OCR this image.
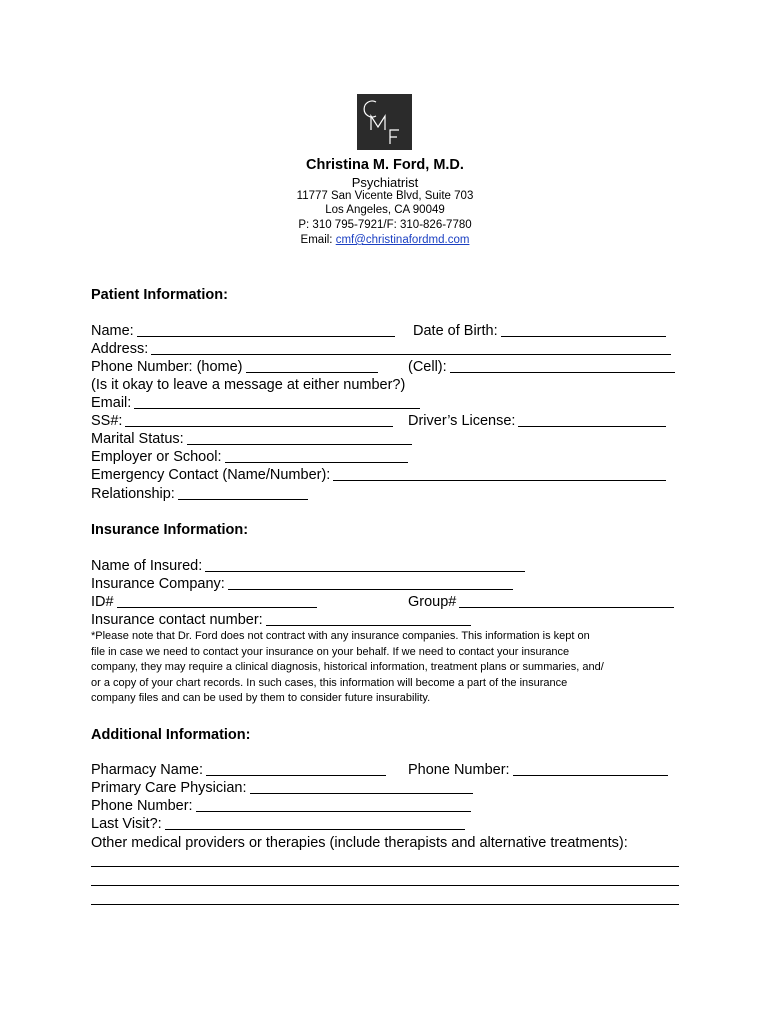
Christina M. Ford, M.D.
Psychiatrist
11777 San Vicente Blvd, Suite 703
Los Angeles, CA 90049
P: 310 795-7921/F: 310-826-7780
Email: cmf@christinafordmd.com
Patient Information:
Name:	Date of Birth:
Address:
Phone Number: (home)	(Cell):
(Is it okay to leave a message at either number?)
Email:
SS#:	Driver’s License:
Marital Status:
Employer or School:
Emergency Contact (Name/Number):
Relationship:
Insurance Information:
Name of Insured:
Insurance Company:
ID#	Group#
Insurance contact number:
*Please note that Dr. Ford does not contract with any insurance companies. This information is kept on
file in case we need to contact your insurance on your behalf. If we need to contact your insurance
company, they may require a clinical diagnosis, historical information, treatment plans or summaries, and/
or a copy of your chart records. In such cases, this information will become a part of the insurance
company files and can be used by them to consider future insurability.
Additional Information:
Pharmacy Name:	Phone Number:
Primary Care Physician:
Phone Number:
Last Visit?:
Other medical providers or therapies (include therapists and alternative treatments):
